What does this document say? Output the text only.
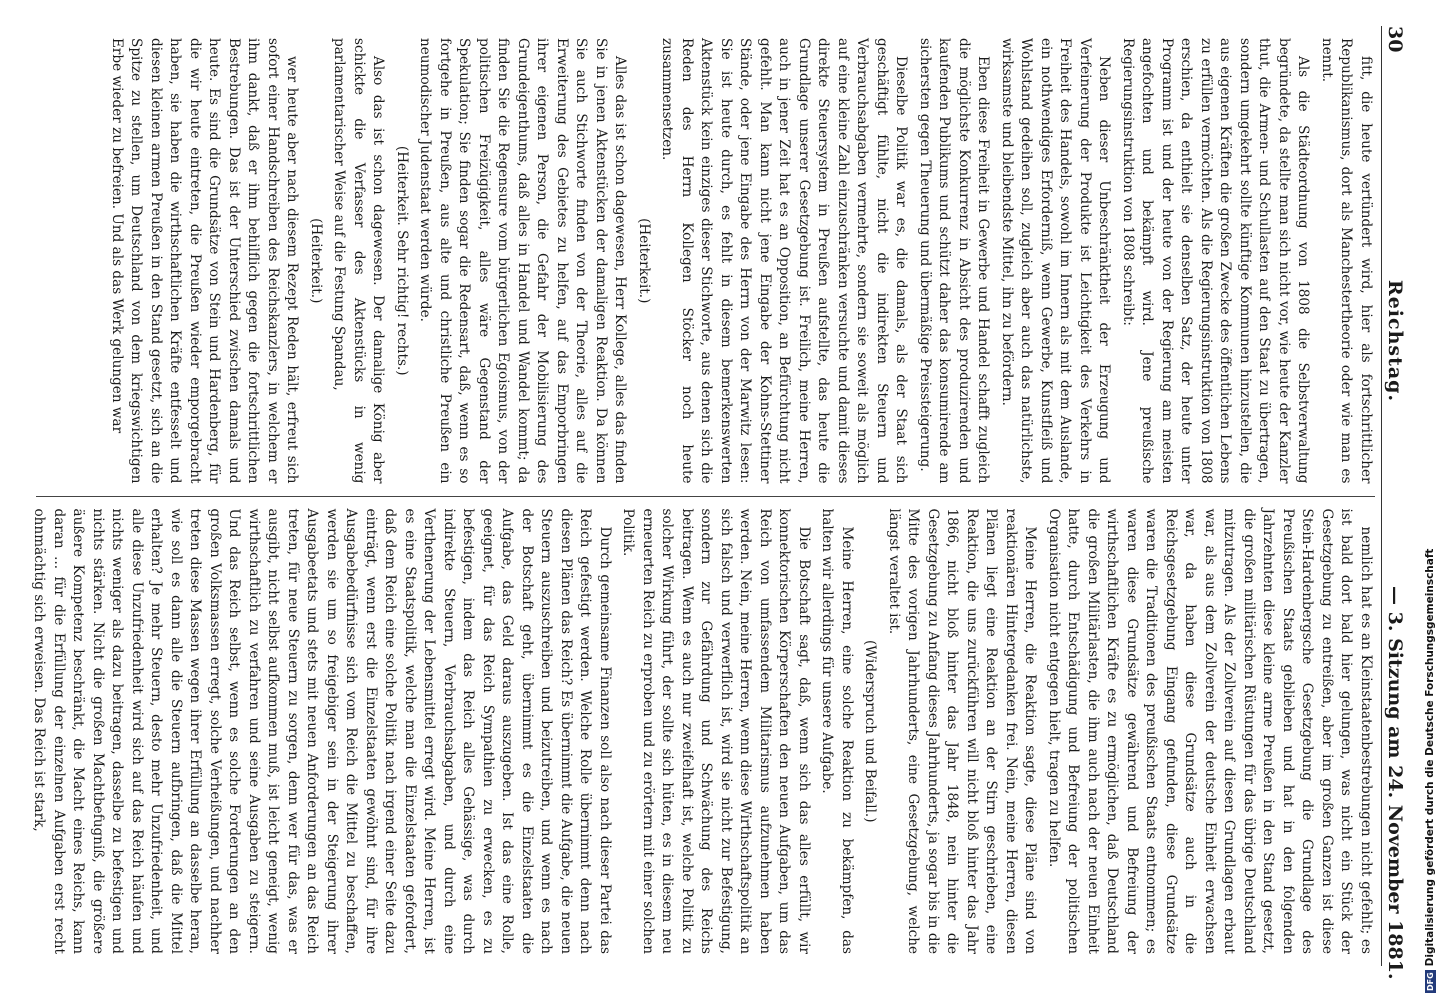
30
Reichstag.
— 3. Sitzung am 24. November 1881.

fitt, die heute vertündert wird, hier als fortschrittlicher Republikanismus, dort als Manchestertheorie oder wie man es nennt.

Als die Städteordnung von 1808 die Selbstverwaltung begründete, da stellte man sich nicht vor, wie heute der Kanzler thut, die Armen- und Schullasten auf den Staat zu übertragen, sondern umgekehrt sollte künftige Kommunen hinzustellen, die aus eigenen Kräften die großen Zwecke des öffentlichen Lebens zu erfüllen vermöchten. Als die Regierungsinstruktion von 1808 erschien, da enthielt sie denselben Satz, der heute unter Programm ist und der heute von der Regierung am meisten angefochten und bekämpft wird. Jene preußische Regierungsinstruktion von 1808 schreibt:

Neben dieser Unbeschränktheit der Erzeugung und Verfeinerung der Produkte ist Leichtigkeit des Verkehrs in Freiheit des Handels, sowohl im Innern als mit dem Auslande, ein nothwendiges Erforderniß, wenn Gewerbe, Kunstfleiß und Wohlstand gedeihen soll, zugleich aber auch das natürlichste, wirksamste und bleibendste Mittel, ihn zu befördern.

Eben diese Freiheit in Gewerbe und Handel schafft zugleich die möglichste Konkurrenz in Absicht des produzirenden und kaufenden Publikums und schützt daher das konsumirende am sichersten gegen Theuerung und übermäßige Preissteigerung.

Dieselbe Politik war es, die damals, als der Staat sich geschäftigt fühlte, nicht die indirekten Steuern und Verbrauchsabgaben vermehrte, sondern sie soweit als möglich auf eine kleine Zahl einzuschränken versuchte und damit dieses direkte Steuersystem in Preußen aufstellte, das heute die Grundlage unserer Gesetzgebung ist. Freilich, meine Herren, auch in jener Zeit hat es an Opposition, an Befürchtung nicht gefehlt. Man kann nicht jene Eingabe der Kohns-Stettiner Stände, oder jene Eingabe des Herrn von der Marwitz lesen: Sie ist heute durch, es fehlt in diesem bemerkenswerten Aktenstück kein einziges dieser Stichworte, aus denen sich die Reden des Herrn Kollegen Stöcker noch heute zusammensetzen.

(Heiterkeit.)

Alles das ist schon dagewesen, Herr Kollege, alles das finden Sie in jenen Aktenstücken der damaligen Reaktion. Da können Sie auch Stichworte finden von der Theorie, alles auf die Erweiterung des Gebietes zu helfen, auf das Emporbringen ihrer eigenen Person, die Gefahr der Mobilisierung des Grundeigenthums, daß alles in Handel und Wandel kommt; da finden Sie die Regensure vom bürgerlichen Egoismus, von der politischen Freizügigkeit, alles wäre Gegenstand der Spekulation; Sie finden sogar die Redensart, daß, wenn es so fortgehe in Preußen, aus alte und christliche Preußen ein neumodischer Judenstaat werden würde.

(Heiterkeit. Sehr richtig! rechts.)

Also das ist schon dagewesen. Der damalige König aber schickte die Verfasser des Aktenstücks in wenig parlamentarischer Weise auf die Festung Spandau,

(Heiterkeit.)

wer heute aber nach diesem Rezept Reden hält, erfreut sich sofort einer Handschreiben des Reichskanzlers, in welchem er ihm dankt, daß er ihm behilflich gegen die fortschrittlichen Bestrebungen. Das ist der Unterschied zwischen damals und heute. Es sind die Grundsätze von Stein und Hardenberg, für die wir heute eintreten, die Preußen wieder emporgebracht haben, sie haben die wirthschaftlichen Kräfte entfesselt und diesen kleinen armen Preußen in den Stand gesetzt, sich an die Spitze zu stellen, um Deutschland von dem kriegswichtigen Erbe wieder zu befreien. Und als das Werk gelungen war

nemlich hat es an Kleinstaatenbestrebungen nicht gefehlt; es ist bald dort bald hier gelungen, was nicht ein Stück der Gesetzgebung zu entreißen, aber im großen Ganzen ist diese Stein-Hardenbergsche Gesetzgebung die Grundlage des Preußischen Staats geblieben und hat in den folgenden Jahrzehnten diese kleine arme Preußen in den Stand gesetzt, die großen militärischen Rüstungen für das übrige Deutschland mitzutragen. Als der Zollverein auf diesen Grundlagen erbaut war, als aus dem Zollverein der deutsche Einheit erwachsen war, da haben diese Grundsätze auch in die Reichsgesetzgebung Eingang gefunden, diese Grundsätze waren die Traditionen des preußischen Staats entnommen; es waren diese Grundsätze gewährend und Befreiung der wirthschaftlichen Kräfte es zu ermöglichen, daß Deutschland die großen Militärlasten, die ihm auch nach der neuen Einheit hatte, durch Entschädigung und Befreiung der politischen Organisation nicht entgegen hielt, tragen zu helfen.

Meine Herren, die Reaktion sagte, diese Pläne sind von reaktionären Hintergedanken frei. Nein, meine Herren, diesen Plänen liegt eine Reaktion an der Stirn geschrieben, eine Reaktion, die uns zurückführen will nicht bloß hinter das Jahr 1866, nicht bloß hinter das Jahr 1848, nein hinter die Gesetzgebung zu Anfang dieses Jahrhunderts, ja sogar bis in die Mitte des vorigen Jahrhunderts, eine Gesetzgebung, welche längst veraltet ist.

(Widerspruch und Beifall.)

Meine Herren, eine solche Reaktion zu bekämpfen, das halten wir allerdings für unsere Aufgabe.

Die Botschaft sagt, daß, wenn sich das alles erfüllt, wir konnektorischen Körperschaften den neuen Aufgaben, um das Reich von umfassendem Militarismus aufzunehmen haben werden. Nein, meine Herren, wenn diese Wirthschaftspolitik an sich falsch und verwerflich ist, wird sie nicht zur Befestigung, sondern zur Gefährdung und Schwächung des Reichs beitragen. Wenn es auch nur zweifelhaft ist, welche Politik zu solcher Wirkung führt, der sollte sich hüten, es in diesem neu erneuerten Reich zu erproben und zu erörtern mit einer solchen Politik.

Durch gemeinsame Finanzen soll also nach dieser Partei das Reich gefestigt werden. Welche Rolle übernimmt denn nach diesen Plänen das Reich? Es übernimmt die Aufgabe, die neuen Steuern auszuschreiben und beizutreiben, und wenn es nach der Botschaft geht, übernimmt es die Einzelstaaten die Aufgabe, das Geld daraus auszugeben. Ist das eine Rolle, geeignet, für das Reich Sympathien zu erwecken, es zu befestigen, indem das Reich alles Gehässige, was durch indirekte Steuern, Verbrauchsabgaben, und durch eine Verthenerung der Lebensmittel erregt wird. Meine Herren, ist es eine Staatspolitik, welche man die Einzelstaaten gefordert, daß dem Reich eine solche Politik nach irgend einer Seite dazu einträgt, wenn erst die Einzelstaaten gewöhnt sind, für ihre Ausgabebedürfnisse sich vom Reich die Mittel zu beschaffen, werden sie um so freigebiger sein in der Steigerung ihrer Ausgabeetats und stets mit neuen Anforderungen an das Reich treten, für neue Steuern zu sorgen, denn wer für das, was er ausgibt, nicht selbst aufkommen muß, ist leicht geneigt, wenig wirthschaftlich zu verfahren und seine Ausgaben zu steigern. Und das Reich selbst, wenn es solche Forderungen an den großen Volksmassen erregt, solche Verheißungen, und nachher treten diese Massen wegen ihrer Erfüllung an dasselbe heran, wie soll es dann alle die Steuern aufbringen, daß die Mittel erhalten? Je mehr Steuern, desto mehr Unzufriedenheit, und alle diese Unzufriedenheit wird sich auf das Reich häufen und nichts weniger als dazu beitragen, dasselbe zu befestigen und nichts stärken. Nicht die großen Machtbefugniß, die größere äußere Kompetenz beschränkt, die Macht eines Reichs, kann daran ... für die Erfüllung der einzelnen Aufgaben erst recht ohnmächtig sich erweisen. Das Reich ist stark,

DFG
Digitalisierung gefördert durch die Deutsche Forschungsgemeinschaft
